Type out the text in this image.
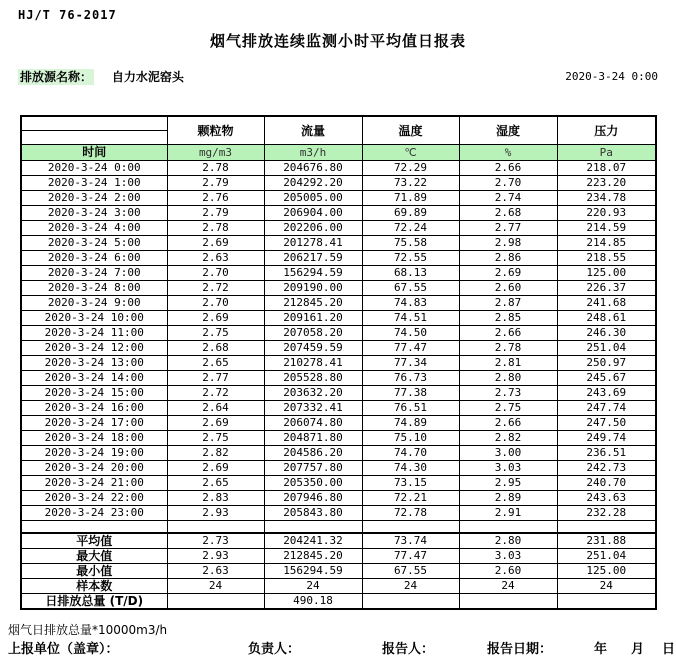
HJ/T 76-2017
烟气排放连续监测小时平均值日报表
排放源名称： 自力水泥窑头	2020-3-24 0:00
	颗粒物	流量	温度	湿度	压力
时间	mg/m3	m3/h	℃	%	Pa
2020-3-24 0:00	2.78	204676.80	72.29	2.66	218.07
2020-3-24 1:00	2.79	204292.20	73.22	2.70	223.20
2020-3-24 2:00	2.76	205005.00	71.89	2.74	234.78
2020-3-24 3:00	2.79	206904.00	69.89	2.68	220.93
2020-3-24 4:00	2.78	202206.00	72.24	2.77	214.59
2020-3-24 5:00	2.69	201278.41	75.58	2.98	214.85
2020-3-24 6:00	2.63	206217.59	72.55	2.86	218.55
2020-3-24 7:00	2.70	156294.59	68.13	2.69	125.00
2020-3-24 8:00	2.72	209190.00	67.55	2.60	226.37
2020-3-24 9:00	2.70	212845.20	74.83	2.87	241.68
2020-3-24 10:00	2.69	209161.20	74.51	2.85	248.61
2020-3-24 11:00	2.75	207058.20	74.50	2.66	246.30
2020-3-24 12:00	2.68	207459.59	77.47	2.78	251.04
2020-3-24 13:00	2.65	210278.41	77.34	2.81	250.97
2020-3-24 14:00	2.77	205528.80	76.73	2.80	245.67
2020-3-24 15:00	2.72	203632.20	77.38	2.73	243.69
2020-3-24 16:00	2.64	207332.41	76.51	2.75	247.74
2020-3-24 17:00	2.69	206074.80	74.89	2.66	247.50
2020-3-24 18:00	2.75	204871.80	75.10	2.82	249.74
2020-3-24 19:00	2.82	204586.20	74.70	3.00	236.51
2020-3-24 20:00	2.69	207757.80	74.30	3.03	242.73
2020-3-24 21:00	2.65	205350.00	73.15	2.95	240.70
2020-3-24 22:00	2.83	207946.80	72.21	2.89	243.63
2020-3-24 23:00	2.93	205843.80	72.78	2.91	232.28

平均值	2.73	204241.32	73.74	2.80	231.88
最大值	2.93	212845.20	77.47	3.03	251.04
最小值	2.63	156294.59	67.55	2.60	125.00
样本数	24	24	24	24	24
日排放总量 (T/D)		490.18			
烟气日排放总量*10000m3/h
上报单位（盖章）：	负责人：	报告人：	报告日期：	年 月 日
